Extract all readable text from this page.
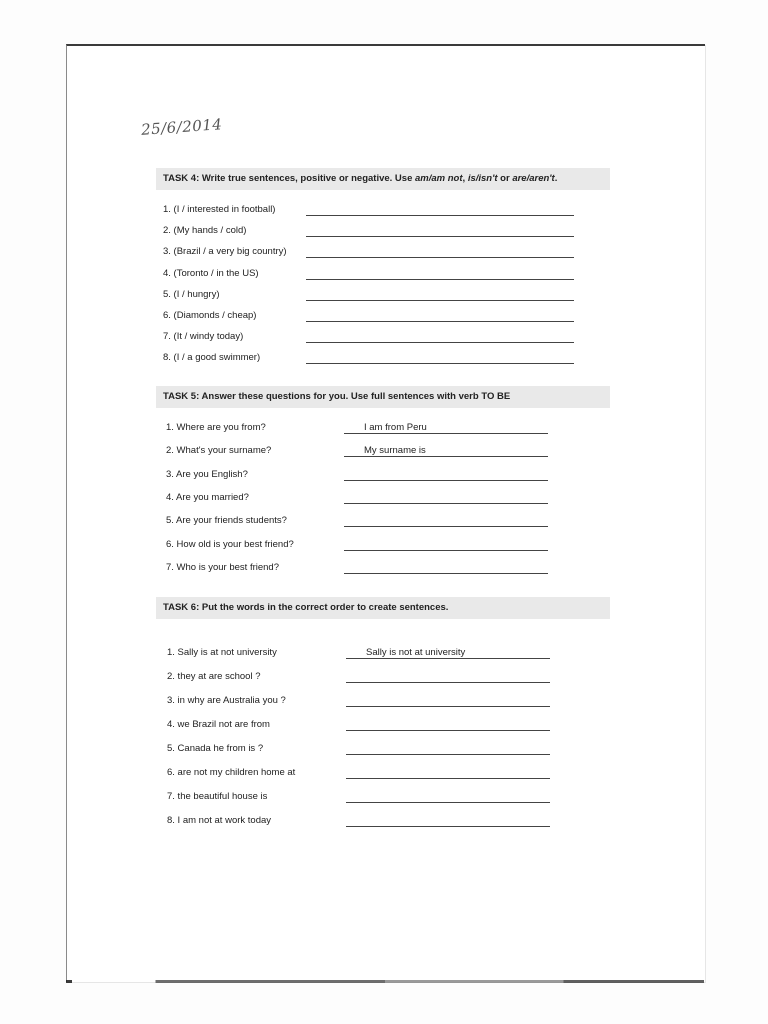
25/6/2014
TASK 4: Write true sentences, positive or negative. Use am/am not, is/isn't or are/aren't.
1. (I / interested in football)
2. (My hands / cold)
3. (Brazil / a very big country)
4. (Toronto / in the US)
5. (I / hungry)
6. (Diamonds / cheap)
7. (It / windy today)
8. (I / a good swimmer)
TASK 5: Answer these questions for you. Use full sentences with verb TO BE
1. Where are you from?	I am from Peru
2. What's your surname?	My surname is
3. Are you English?
4. Are you married?
5. Are your friends students?
6. How old is your best friend?
7. Who is your best friend?
TASK 6: Put the words in the correct order to create sentences.
1. Sally is at not university	Sally is not at university
2. they at are school ?
3. in why are Australia you ?
4. we Brazil not are from
5. Canada he from is ?
6. are not my children home at
7. the beautiful house is
8. I am not at work today
